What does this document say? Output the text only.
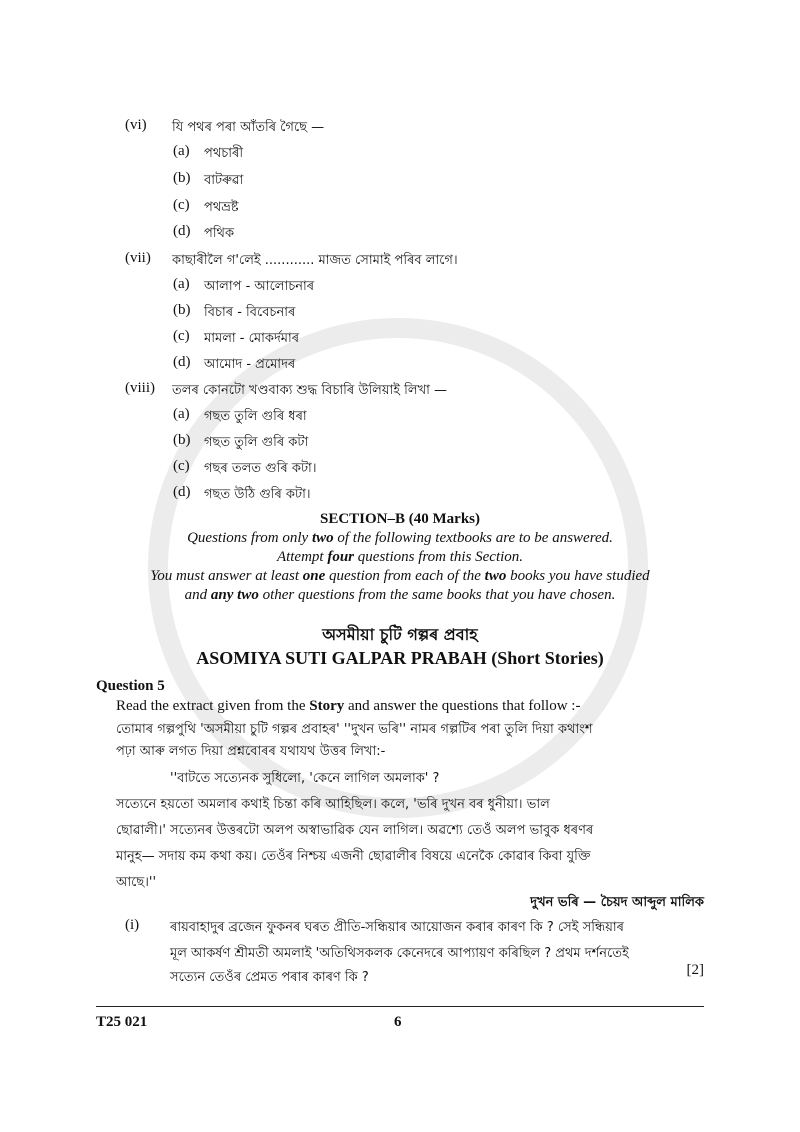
(vi) যি পথৰ পৰা আঁতৰি গৈছে —
(a) পথচাৰী
(b) বাটৰুৱা
(c) পথভ্ৰষ্ট
(d) পথিক
(vii) কাছাৰীলৈ গ'লেই ............ মাজত সোমাই পৰিব লাগে।
(a) আলাপ - আলোচনাৰ
(b) বিচাৰ - বিবেচনাৰ
(c) মামলা - মোকৰ্দমাৰ
(d) আমোদ - প্ৰমোদৰ
(viii) তলৰ কোনটো খণ্ডবাক্য শুদ্ধ বিচাৰি উলিয়াই লিখা —
(a) গছত তুলি গুৰি ধৰা
(b) গছত তুলি গুৰি কটা
(c) গছৰ তলত গুৰি কটা।
(d) গছত উঠি গুৰি কটা।
SECTION–B (40 Marks)
Questions from only two of the following textbooks are to be answered.
Attempt four questions from this Section.
You must answer at least one question from each of the two books you have studied
and any two other questions from the same books that you have chosen.
অসমীয়া চুটি গল্পৰ প্ৰবাহ
ASOMIYA SUTI GALPAR PRABAH (Short Stories)
Question 5
Read the extract given from the Story and answer the questions that follow :-
তোমাৰ গল্পপুথি 'অসমীয়া চুটি গল্পৰ প্ৰবাহৰ' ''দুখন ভৰি'' নামৰ গল্পটিৰ পৰা তুলি দিয়া কথাংশ
পঢ়া আৰু লগত দিয়া প্ৰশ্নবোৰৰ যথাযথ উত্তৰ লিখা:-
''বাটতে সত্যেনক সুধিলো, 'কেনে লাগিল অমলাক' ?
সত্যেনে হয়তো অমলাৰ কথাই চিন্তা কৰি আহিছিল। কলে, 'ভৰি দুখন বৰ ধুনীয়া। ভাল
ছোৱালী।' সত্যেনৰ উত্তৰটো অলপ অস্বাভাৱিক যেন লাগিল। অৱশ্যে তেওঁ অলপ ভাবুক ধৰণৰ
মানুহ— সদায় কম কথা কয়। তেওঁৰ নিশ্চয় এজনী ছোৱালীৰ বিষয়ে এনেকৈ কোৱাৰ কিবা যুক্তি
আছে।''
দুখন ভৰি — চৈয়দ আব্দুল মালিক
(i) ৰায়বাহাদুৰ ব্ৰজেন ফুকনৰ ঘৰত প্ৰীতি-সন্ধিয়াৰ আয়োজন কৰাৰ কাৰণ কি ? সেই সন্ধিয়াৰ
মূল আকৰ্ষণ শ্ৰীমতী অমলাই 'অতিথিসকলক কেনেদৰে আপ্যায়ণ কৰিছিল ? প্ৰথম দৰ্শনতেই
সত্যেন তেওঁৰ প্ৰেমত পৰাৰ কাৰণ কি ?	[2]
T25 021	6
